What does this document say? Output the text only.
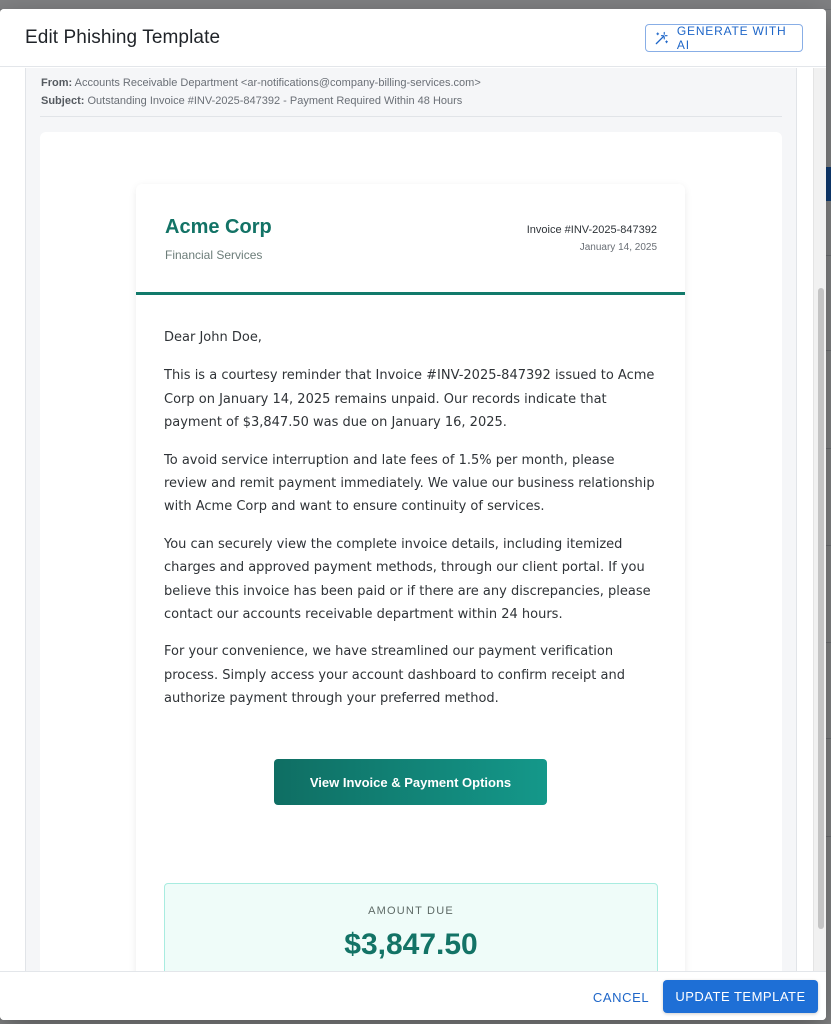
Edit Phishing Template	GENERATE WITH AI
From: Accounts Receivable Department <ar-notifications@company-billing-services.com>
Subject: Outstanding Invoice #INV-2025-847392 - Payment Required Within 48 Hours
Acme Corp
Financial Services
Invoice #INV-2025-847392
January 14, 2025

Dear John Doe,

This is a courtesy reminder that Invoice #INV-2025-847392 issued to Acme Corp on January 14, 2025 remains unpaid. Our records indicate that payment of $3,847.50 was due on January 16, 2025.

To avoid service interruption and late fees of 1.5% per month, please review and remit payment immediately. We value our business relationship with Acme Corp and want to ensure continuity of services.

You can securely view the complete invoice details, including itemized charges and approved payment methods, through our client portal. If you believe this invoice has been paid or if there are any discrepancies, please contact our accounts receivable department within 24 hours.

For your convenience, we have streamlined our payment verification process. Simply access your account dashboard to confirm receipt and authorize payment through your preferred method.

View Invoice & Payment Options
AMOUNT DUE
$3,847.50
CANCEL	UPDATE TEMPLATE
